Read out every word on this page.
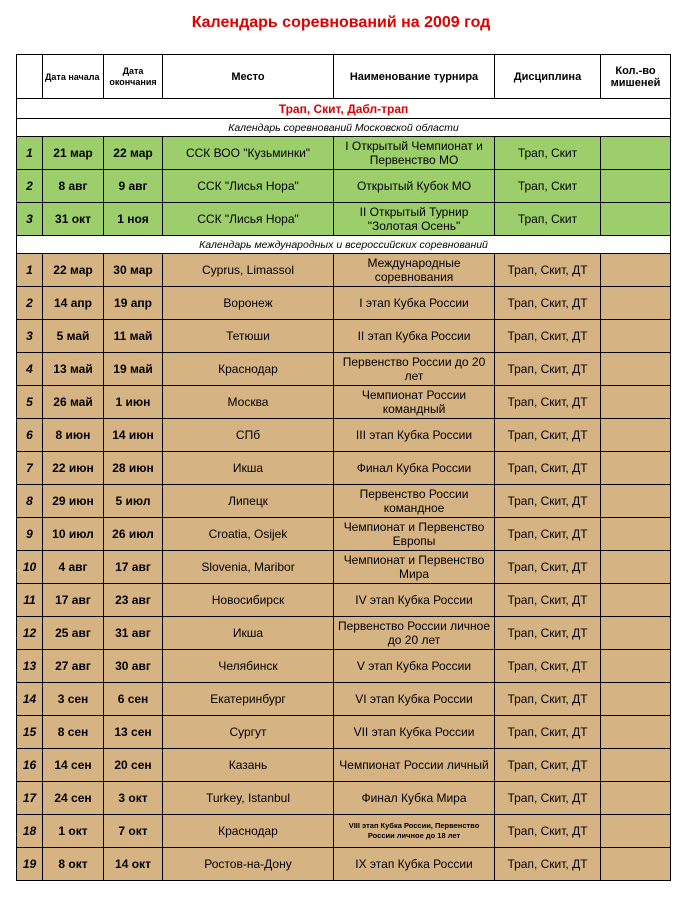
Календарь соревнований на 2009 год
	Дата начала	Дата окончания	Место	Наименование турнира	Дисциплина	Кол.-во мишеней
Трап, Скит, Дабл-трап						
Календарь соревнований Московской области						
1	21 мар	22 мар	ССК ВОО "Кузьминки"	I Открытый Чемпионат и Первенство МО	Трап, Скит	
2	8 авг	9 авг	ССК "Лисья Нора"	Открытый Кубок МО	Трап, Скит	
3	31 окт	1 ноя	ССК "Лисья Нора"	II Открытый Турнир "Золотая Осень"	Трап, Скит	
Календарь международных и всероссийских соревнований						
1	22 мар	30 мар	Cyprus, Limassol	Международные соревнования	Трап, Скит, ДТ	
2	14 апр	19 апр	Воронеж	I этап Кубка России	Трап, Скит, ДТ	
3	5 май	11 май	Тетюши	II этап Кубка России	Трап, Скит, ДТ	
4	13 май	19 май	Краснодар	Первенство России до 20 лет	Трап, Скит, ДТ	
5	26 май	1 июн	Москва	Чемпионат России командный	Трап, Скит, ДТ	
6	8 июн	14 июн	СПб	III этап Кубка России	Трап, Скит, ДТ	
7	22 июн	28 июн	Икша	Финал Кубка России	Трап, Скит, ДТ	
8	29 июн	5 июл	Липецк	Первенство России командное	Трап, Скит, ДТ	
9	10 июл	26 июл	Croatia, Osijek	Чемпионат и Первенство Европы	Трап, Скит, ДТ	
10	4 авг	17 авг	Slovenia, Maribor	Чемпионат и Первенство Мира	Трап, Скит, ДТ	
11	17 авг	23 авг	Новосибирск	IV этап Кубка России	Трап, Скит, ДТ	
12	25 авг	31 авг	Икша	Первенство России личное до 20 лет	Трап, Скит, ДТ	
13	27 авг	30 авг	Челябинск	V этап Кубка России	Трап, Скит, ДТ	
14	3 сен	6 сен	Екатеринбург	VI этап Кубка России	Трап, Скит, ДТ	
15	8 сен	13 сен	Сургут	VII этап Кубка России	Трап, Скит, ДТ	
16	14 сен	20 сен	Казань	Чемпионат России личный	Трап, Скит, ДТ	
17	24 сен	3 окт	Turkey, Istanbul	Финал Кубка Мира	Трап, Скит, ДТ	
18	1 окт	7 окт	Краснодар	VIII этап Кубка России, Первенство России личное до 18 лет	Трап, Скит, ДТ	
19	8 окт	14 окт	Ростов-на-Дону	IX этап Кубка России	Трап, Скит, ДТ	
